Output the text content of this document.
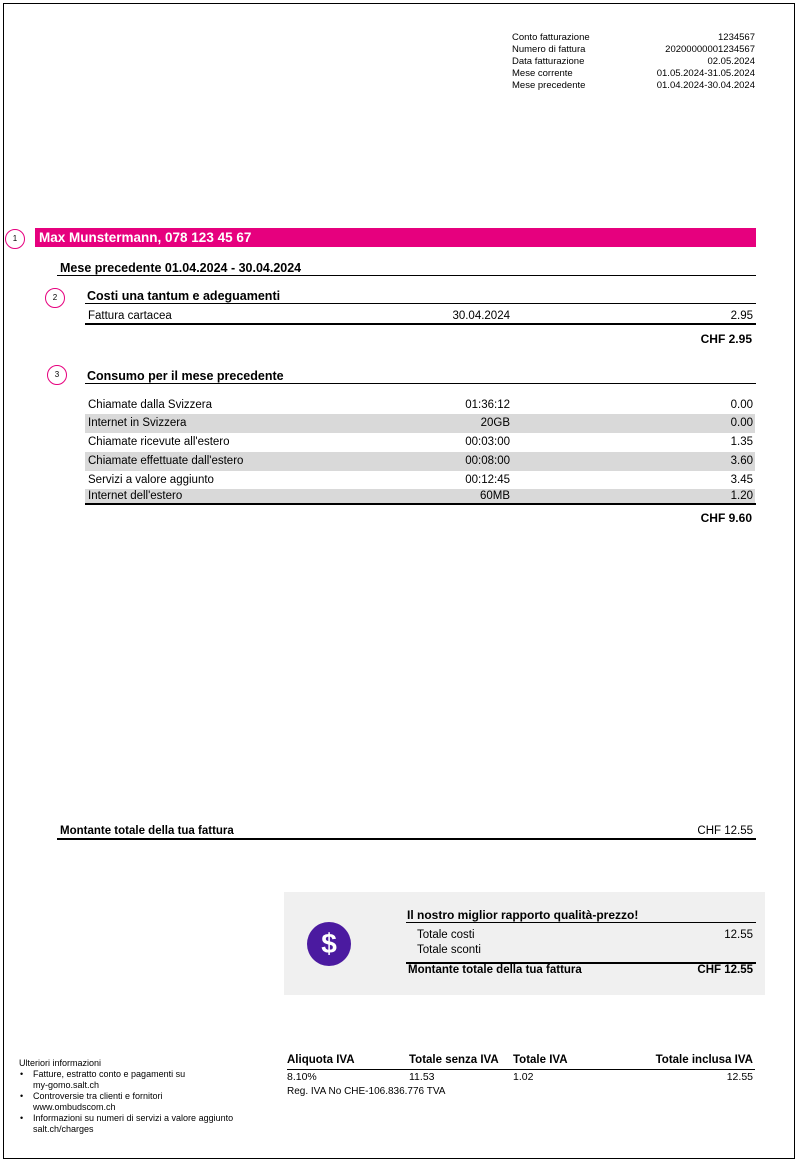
Conto fatturazione	1234567
Numero di fattura	20200000001234567
Data fatturazione	02.05.2024
Mese corrente	01.05.2024-31.05.2024
Mese precedente	01.04.2024-30.04.2024
1	Max Munstermann, 078 123 45 67
Mese precedente 01.04.2024 - 30.04.2024
2	Costi una tantum e adeguamenti
Fattura cartacea	30.04.2024	2.95
CHF 2.95
3	Consumo per il mese precedente
Chiamate dalla Svizzera	01:36:12	0.00
Internet in Svizzera	20GB	0.00
Chiamate ricevute all'estero	00:03:00	1.35
Chiamate effettuate dall'estero	00:08:00	3.60
Servizi a valore aggiunto	00:12:45	3.45
Internet dell'estero	60MB	1.20
CHF 9.60
Montante totale della tua fattura	CHF 12.55
$
Il nostro miglior rapporto qualità-prezzo!
Totale costi	12.55
Totale sconti
Montante totale della tua fattura	CHF 12.55
Ulteriori informazioni
• Fatture, estratto conto e pagamenti su
my-gomo.salt.ch
• Controversie tra clienti e fornitori
www.ombudscom.ch
• Informazioni su numeri di servizi a valore aggiunto
salt.ch/charges
Aliquota IVA	Totale senza IVA	Totale IVA	Totale inclusa IVA
8.10%	11.53	1.02	12.55
Reg. IVA No CHE-106.836.776 TVA
